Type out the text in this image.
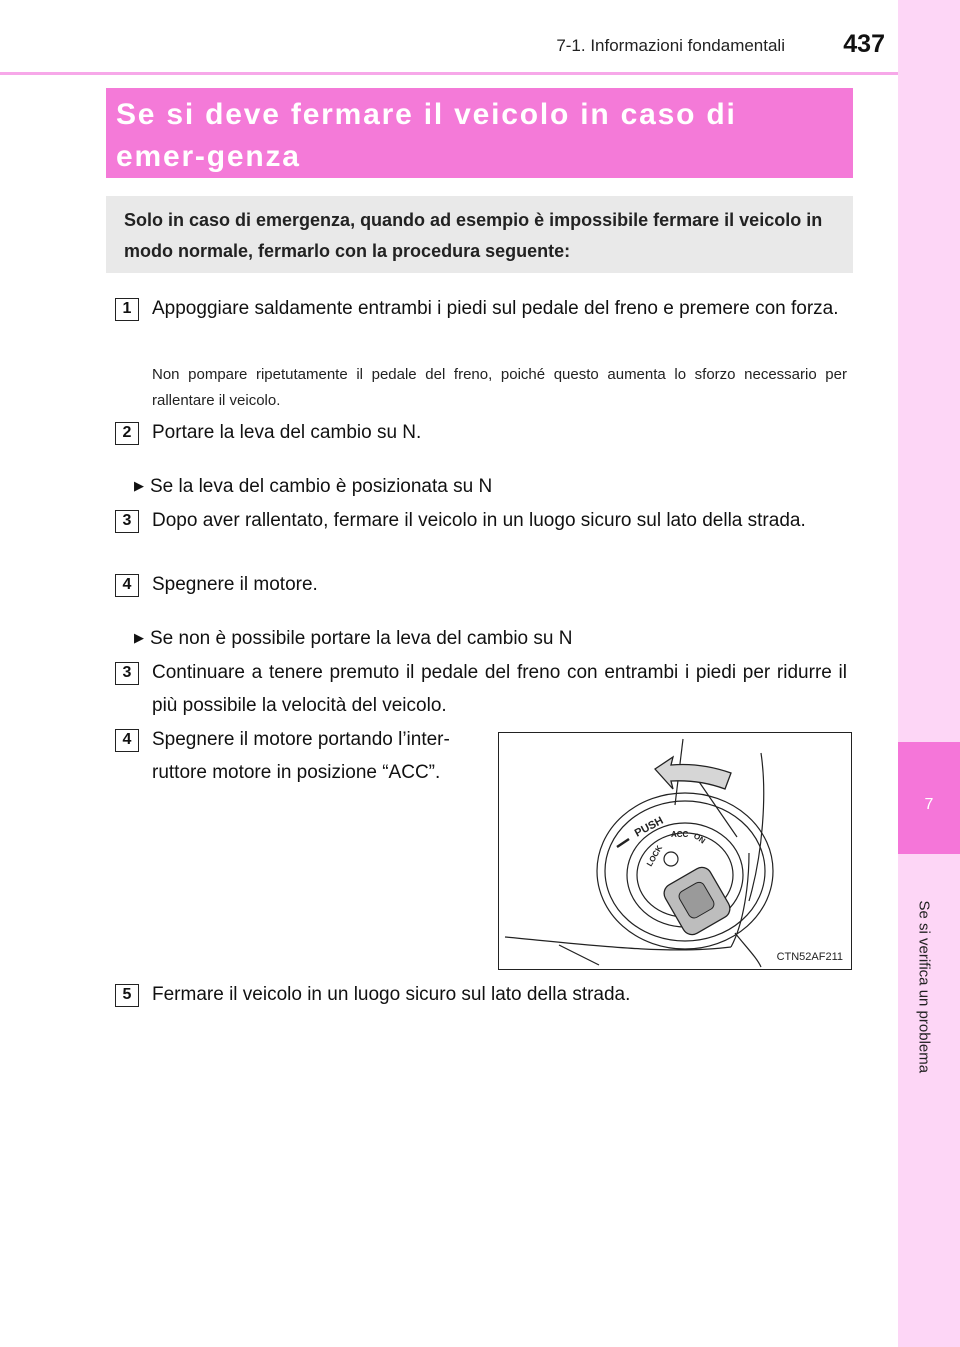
7-1. Informazioni fondamentali	437
7
Se si verifica un problema
Se si deve fermare il veicolo in caso di emer-genza
Solo in caso di emergenza, quando ad esempio è impossibile fermare il veicolo in modo normale, fermarlo con la procedura seguente:
1	Appoggiare saldamente entrambi i piedi sul pedale del freno e premere con forza.
Non pompare ripetutamente il pedale del freno, poiché questo aumenta lo sforzo necessario per rallentare il veicolo.
2	Portare la leva del cambio su N.
▶ Se la leva del cambio è posizionata su N
3	Dopo aver rallentato, fermare il veicolo in un luogo sicuro sul lato della strada.
4	Spegnere il motore.
▶ Se non è possibile portare la leva del cambio su N
3	Continuare a tenere premuto il pedale del freno con entrambi i piedi per ridurre il più possibile la velocità del veicolo.
4	Spegnere il motore portando l’inter-ruttore motore in posizione “ACC”.
5	Fermare il veicolo in un luogo sicuro sul lato della strada.
PUSH
LOCK
ACC ON
CTN52AF211
